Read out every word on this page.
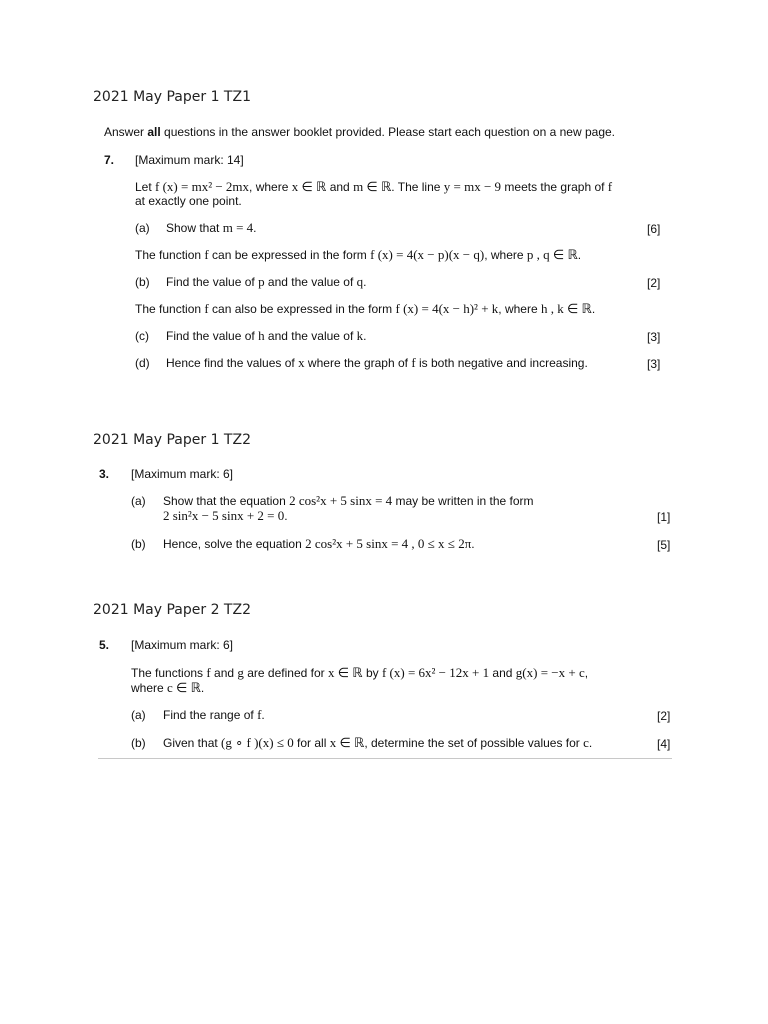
2021 May Paper 1 TZ1
Answer all questions in the answer booklet provided. Please start each question on a new page.
7. [Maximum mark: 14]
Let f (x) = mx² − 2mx, where x ∈ ℝ and m ∈ ℝ. The line y = mx − 9 meets the graph of f
at exactly one point.
(a) Show that m = 4.	[6]
The function f can be expressed in the form f (x) = 4(x − p)(x − q), where p , q ∈ ℝ.
(b) Find the value of p and the value of q.	[2]
The function f can also be expressed in the form f (x) = 4(x − h)² + k, where h , k ∈ ℝ.
(c) Find the value of h and the value of k.	[3]
(d) Hence find the values of x where the graph of f is both negative and increasing.	[3]
2021 May Paper 1 TZ2
3. [Maximum mark: 6]
(a) Show that the equation 2 cos²x + 5 sinx = 4 may be written in the form
2 sin²x − 5 sinx + 2 = 0.	[1]
(b) Hence, solve the equation 2 cos²x + 5 sinx = 4 , 0 ≤ x ≤ 2π.	[5]
2021 May Paper 2 TZ2
5. [Maximum mark: 6]
The functions f and g are defined for x ∈ ℝ by f (x) = 6x² − 12x + 1 and g(x) = −x + c,
where c ∈ ℝ.
(a) Find the range of f.	[2]
(b) Given that (g ∘ f )(x) ≤ 0 for all x ∈ ℝ, determine the set of possible values for c.	[4]
